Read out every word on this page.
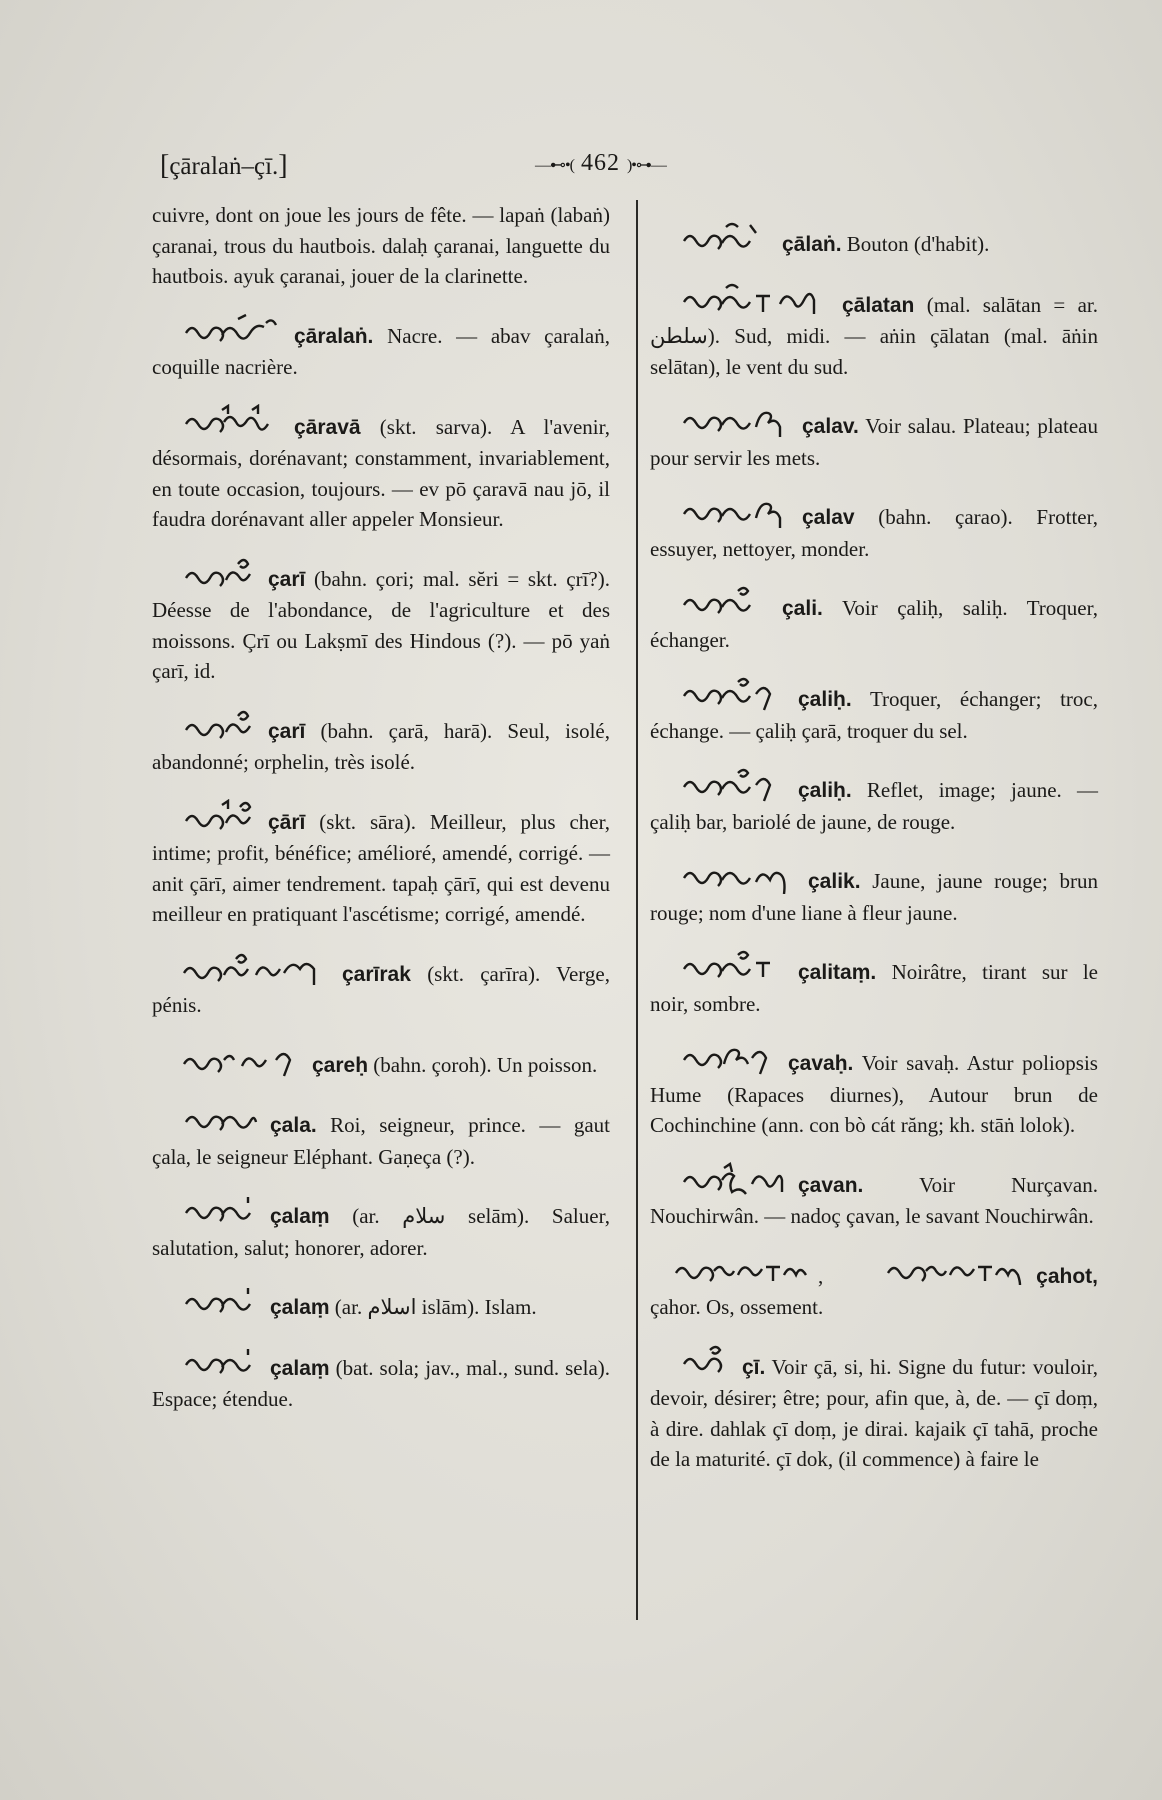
[çāralaṅ–çī.]	—⊷•( 462 )•⊶—

cuivre, dont on joue les jours de fête. — lapaṅ (labaṅ) çaranai, trous du hautbois. dalaḥ çaranai, languette du hautbois. ayuk çaranai, jouer de la clarinette.

çāralaṅ. Nacre. — abav çaralaṅ, coquille nacrière.

çāravā (skt. sarva). A l'avenir, désormais, dorénavant; constamment, invariablement, en toute occasion, toujours. — ev pō çaravā nau jō, il faudra dorénavant aller appeler Monsieur.

çarī (bahn. çori; mal. sĕri = skt. çrī?). Déesse de l'abondance, de l'agriculture et des moissons. Çrī ou Lakṣmī des Hindous (?). — pō yaṅ çarī, id.

çarī (bahn. çarā, harā). Seul, isolé, abandonné; orphelin, très isolé.

çārī (skt. sāra). Meilleur, plus cher, intime; profit, bénéfice; amélioré, amendé, corrigé. — anit çārī, aimer tendrement. tapaḥ çārī, qui est devenu meilleur en pratiquant l'ascétisme; corrigé, amendé.

çarīrak (skt. çarīra). Verge, pénis.

çareḥ (bahn. çoroh). Un poisson.

çala. Roi, seigneur, prince. — gaut çala, le seigneur Eléphant. Gaṇeça (?).

çalaṃ (ar. سلام selām). Saluer, salutation, salut; honorer, adorer.

çalaṃ (ar. اسلام islām). Islam.

çalaṃ (bat. sola; jav., mal., sund. sela). Espace; étendue.

çālaṅ. Bouton (d'habit).

çālatan (mal. salātan = ar. سلطن). Sud, midi. — aṅin çālatan (mal. āṅin selātan), le vent du sud.

çalav. Voir salau. Plateau; plateau pour servir les mets.

çalav (bahn. çarao). Frotter, essuyer, nettoyer, monder.

çali. Voir çaliḥ, saliḥ. Troquer, échanger.

çaliḥ. Troquer, échanger; troc, échange. — çaliḥ çarā, troquer du sel.

çaliḥ. Reflet, image; jaune. — çaliḥ bar, bariolé de jaune, de rouge.

çalik. Jaune, jaune rouge; brun rouge; nom d'une liane à fleur jaune.

çalitaṃ. Noirâtre, tirant sur le noir, sombre.

çavaḥ. Voir savaḥ. Astur poliopsis Hume (Rapaces diurnes), Autour brun de Cochinchine (ann. con bò cát răng; kh. stāṅ lolok).

çavan.	Voir Nurçavan. Nouchirwân. — nadoç çavan, le savant Nouchirwân.

,	çahot, çahor. Os, ossement.

çī. Voir çā, si, hi. Signe du futur: vouloir, devoir, désirer; être; pour, afin que, à, de. — çī doṃ, à dire. dahlak çī doṃ, je dirai. kajaik çī tahā, proche de la maturité. çī dok, (il commence) à faire le
